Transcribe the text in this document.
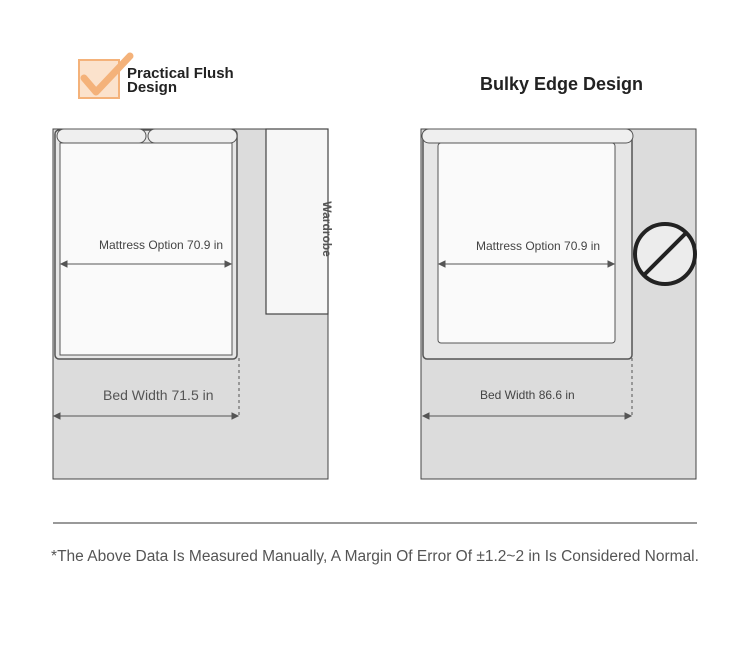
Practical Flush Design	Bulky Edge Design
Mattress Option 70.9 in
Bed Width 71.5 in
Wardrobe	Mattress Option 70.9 in
Bed Width 86.6 in
*The Above Data Is Measured Manually, A Margin Of Error Of ±1.2~2 in Is Considered Normal.
